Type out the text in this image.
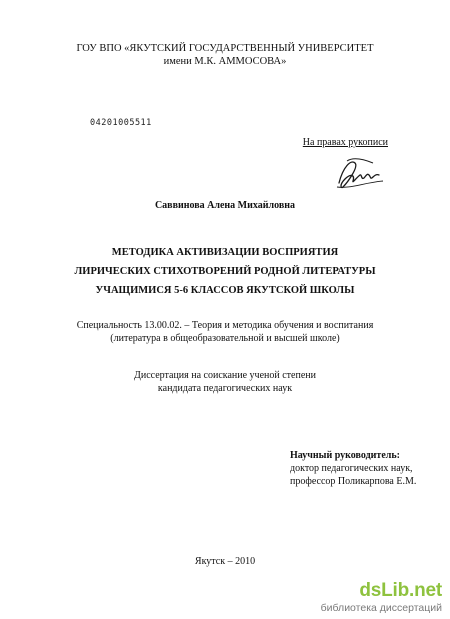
ГОУ ВПО «ЯКУТСКИЙ ГОСУДАРСТВЕННЫЙ УНИВЕРСИТЕТ
имени М.К. АММОСОВА»
04201005511
На правах рукописи
Саввинова Алена Михайловна
МЕТОДИКА АКТИВИЗАЦИИ ВОСПРИЯТИЯ
ЛИРИЧЕСКИХ СТИХОТВОРЕНИЙ РОДНОЙ ЛИТЕРАТУРЫ
УЧАЩИМИСЯ 5-6 КЛАССОВ ЯКУТСКОЙ ШКОЛЫ
Специальность 13.00.02. – Теория и методика обучения и воспитания
(литература в общеобразовательной и высшей школе)
Диссертация на соискание ученой степени
кандидата педагогических наук
Научный руководитель:
доктор педагогических наук,
профессор Поликарпова Е.М.
Якутск – 2010
dsLib.net
библиотека диссертаций
